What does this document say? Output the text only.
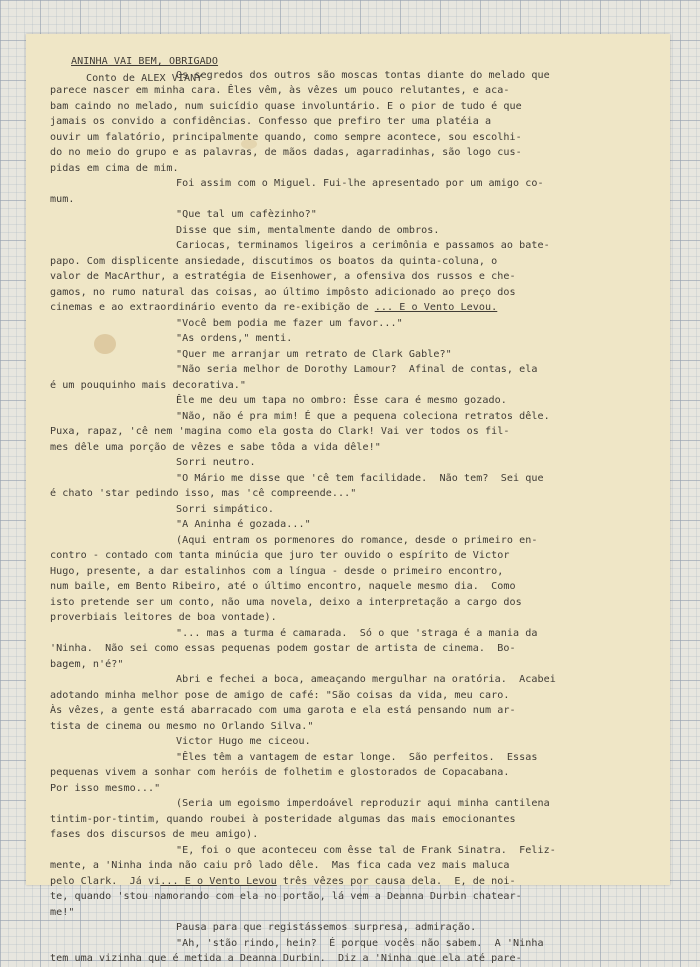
ANINHA VAI BEM, OBRIGADO
Conto de ALEX VIANY
Os segredos dos outros são moscas tontas diante do melado que
parece nascer em minha cara. Êles vêm, às vêzes um pouco relutantes, e aca-
bam caindo no melado, num suicídio quase involuntário. E o pior de tudo é que
jamais os convido a confidências. Confesso que prefiro ter uma platéia a
ouvir um falatório, principalmente quando, como sempre acontece, sou escolhi-
do no meio do grupo e as palavras, de mãos dadas, agarradinhas, são logo cus-
pidas em cima de mim.
Foi assim com o Miguel. Fui-lhe apresentado por um amigo co-
mum.
"Que tal um cafèzinho?"
Disse que sim, mentalmente dando de ombros.
Cariocas, terminamos ligeiros a cerimônia e passamos ao bate-
papo. Com displicente ansiedade, discutimos os boatos da quinta-coluna, o
valor de MacArthur, a estratégia de Eisenhower, a ofensiva dos russos e che-
gamos, no rumo natural das coisas, ao último impôsto adicionado ao preço dos
cinemas e ao extraordinário evento da re-exibição de ... E o Vento Levou.
"Você bem podia me fazer um favor..."
"As ordens," menti.
"Quer me arranjar um retrato de Clark Gable?"
"Não seria melhor de Dorothy Lamour?  Afinal de contas, ela
é um pouquinho mais decorativa."
Êle me deu um tapa no ombro: Êsse cara é mesmo gozado.
"Não, não é pra mim! É que a pequena coleciona retratos dêle.
Puxa, rapaz, 'cê nem 'magina como ela gosta do Clark! Vai ver todos os fil-
mes dêle uma porção de vêzes e sabe tôda a vida dêle!"
Sorri neutro.
"O Mário me disse que 'cê tem facilidade.  Não tem?  Sei que
é chato 'star pedindo isso, mas 'cê compreende..."
Sorri simpático.
"A Aninha é gozada..."
(Aqui entram os pormenores do romance, desde o primeiro en-
contro - contado com tanta minúcia que juro ter ouvido o espírito de Victor
Hugo, presente, a dar estalinhos com a língua - desde o primeiro encontro,
num baile, em Bento Ribeiro, até o último encontro, naquele mesmo dia.  Como
isto pretende ser um conto, não uma novela, deixo a interpretação a cargo dos
proverbiais leitores de boa vontade).
"... mas a turma é camarada.  Só o que 'straga é a mania da
'Ninha.  Não sei como essas pequenas podem gostar de artista de cinema.  Bo-
bagem, n'é?"
Abri e fechei a boca, ameaçando mergulhar na oratória.  Acabei
adotando minha melhor pose de amigo de café: "São coisas da vida, meu caro.
Às vêzes, a gente está abarracado com uma garota e ela está pensando num ar-
tista de cinema ou mesmo no Orlando Silva."
Victor Hugo me ciceou.
"Êles têm a vantagem de estar longe.  São perfeitos.  Essas
pequenas vivem a sonhar com heróis de folhetim e glostorados de Copacabana.
Por isso mesmo..."
(Seria um egoismo imperdoável reproduzir aqui minha cantilena
tintim-por-tintim, quando roubei à posteridade algumas das mais emocionantes
fases dos discursos de meu amigo).
"E, foi o que aconteceu com êsse tal de Frank Sinatra.  Feliz-
mente, a 'Ninha inda não caiu prô lado dêle.  Mas fica cada vez mais maluca
pelo Clark.  Já vi... E o Vento Levou três vêzes por causa dela.  E, de noi-
te, quando 'stou namorando com ela no portão, lá vem a Deanna Durbin chatear-
me!"
Pausa para que registássemos surpresa, admiração.
"Ah, 'stão rindo, hein?  É porque vocês não sabem.  A 'Ninha
tem uma vizinha que é metida a Deanna Durbin.  Diz a 'Ninha que ela até pare-
